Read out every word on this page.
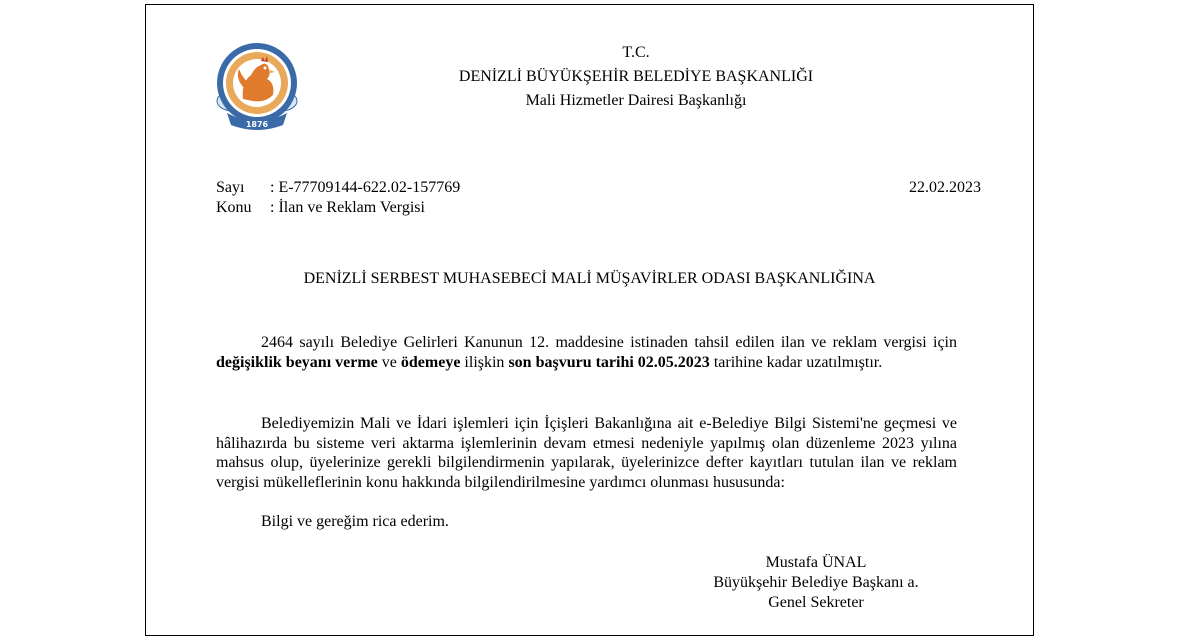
1876
T.C.
DENİZLİ BÜYÜKŞEHİR BELEDİYE BAŞKANLIĞI
Mali Hizmetler Dairesi Başkanlığı
Sayı	: E-77709144-622.02-157769
Konu	: İlan ve Reklam Vergisi
22.02.2023
DENİZLİ SERBEST MUHASEBECİ MALİ MÜŞAVİRLER ODASI BAŞKANLIĞINA

2464 sayılı Belediye Gelirleri Kanunun 12. maddesine istinaden tahsil edilen ilan ve reklam vergisi için değişiklik beyanı verme ve ödemeye ilişkin son başvuru tarihi 02.05.2023 tarihine kadar uzatılmıştır.

Belediyemizin Mali ve İdari işlemleri için İçişleri Bakanlığına ait e-Belediye Bilgi Sistemi'ne geçmesi ve hâlihazırda bu sisteme veri aktarma işlemlerinin devam etmesi nedeniyle yapılmış olan düzenleme 2023 yılına mahsus olup, üyelerinize gerekli bilgilendirmenin yapılarak, üyelerinizce defter kayıtları tutulan ilan ve reklam vergisi mükelleflerinin konu hakkında bilgilendirilmesine yardımcı olunması hususunda:

Bilgi ve gereğim rica ederim.
Mustafa ÜNAL
Büyükşehir Belediye Başkanı a.
Genel Sekreter
